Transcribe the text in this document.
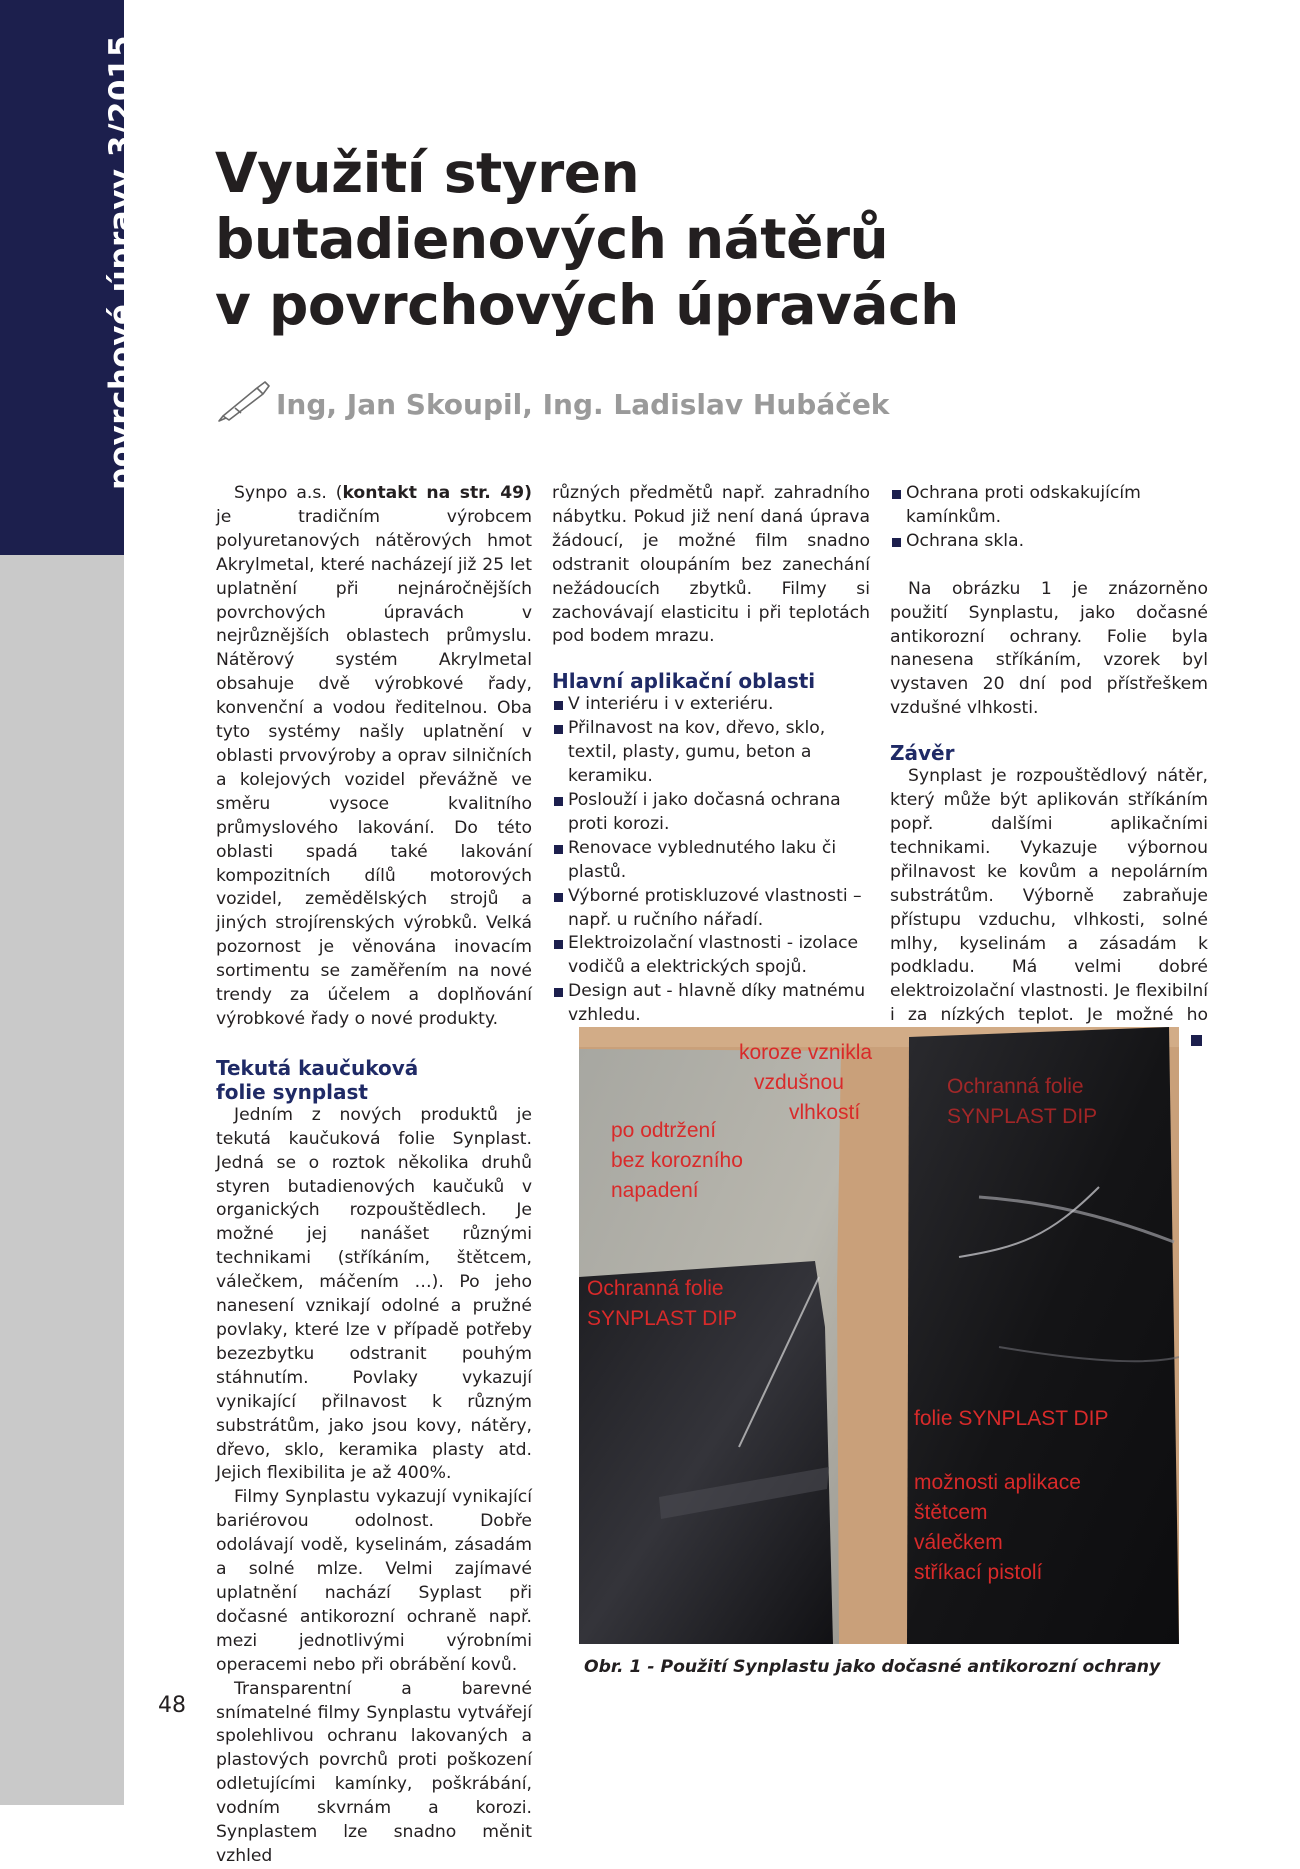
povrchové úpravy 3/2015 Využití styren
butadienových nátěrů
v povrchových úpravách
Ing, Jan Skoupil, Ing. Ladislav Hubáček

Synpo a.s. (kontakt na str. 49) je tradičním výrobcem polyuretanových nátěrových hmot Akrylmetal, které nacházejí již 25 let uplatnění při nejnáročnějších povrchových úpravách v nejrůznějších oblastech průmyslu. Nátěrový systém Akrylmetal obsahuje dvě výrobkové řady, konvenční a vodou ředitelnou. Oba tyto systémy našly uplatnění v oblasti prvovýroby a oprav silničních a kolejových vozidel převážně ve směru vysoce kvalitního průmyslového lakování. Do této oblasti spadá také lakování kompozitních dílů motorových vozidel, zemědělských strojů a jiných strojírenských výrobků. Velká pozornost je věnována inovacím sortimentu se zaměřením na nové trendy za účelem a doplňování výrobkové řady o nové produkty.

Tekutá kaučuková
folie synplast

Jedním z nových produktů je tekutá kaučuková folie Synplast. Jedná se o roztok několika druhů styren butadienových kaučuků v organických rozpouštědlech. Je možné jej nanášet různými technikami (stříkáním, štětcem, válečkem, máčením …). Po jeho nanesení vznikají odolné a pružné povlaky, které lze v případě potřeby bezezbytku odstranit pouhým stáhnutím. Povlaky vykazují vynikající přilnavost k různým substrátům, jako jsou kovy, nátěry, dřevo, sklo, keramika plasty atd. Jejich flexibilita je až 400%.

Filmy Synplastu vykazují vynikající bariérovou odolnost. Dobře odolávají vodě, kyselinám, zásadám a solné mlze. Velmi zajímavé uplatnění nachází Syplast při dočasné antikorozní ochraně např. mezi jednotlivými výrobními operacemi nebo při obrábění kovů.

Transparentní a barevné snímatelné filmy Synplastu vytvářejí spolehlivou ochranu lakovaných a plastových povrchů proti poškození odletujícími kamínky, poškrábání, vodním skvrnám a korozi. Synplastem lze snadno měnit vzhled

různých předmětů např. zahradního nábytku. Pokud již není daná úprava žádoucí, je možné film snadno odstranit oloupáním bez zanechání nežádoucích zbytků. Filmy si zachovávají elasticitu i při teplotách pod bodem mrazu.

Hlavní aplikační oblasti
V interiéru i v exteriéru.
Přilnavost na kov, dřevo, sklo, textil, plasty, gumu, beton a keramiku.
Poslouží i jako dočasná ochrana proti korozi.
Renovace vyblednutého laku či plastů.
Výborné protiskluzové vlastnosti – např. u ručního nářadí.
Elektroizolační vlastnosti - izolace vodičů a elektrických spojů.
Design aut - hlavně díky matnému vzhledu.
Ochrana proti odskakujícím kamínkům.
Ochrana skla.

Na obrázku 1 je znázorněno použití Synplastu, jako dočasné antikorozní ochrany. Folie byla nanesena stříkáním, vzorek byl vystaven 20 dní pod přístřeškem vzdušné vlhkosti.

Závěr

Synplast je rozpouštědlový nátěr, který může být aplikován stříkáním popř. dalšími aplikačními technikami. Vykazuje výbornou přilnavost ke kovům a nepolárním substrátům. Výborně zabraňuje přístupu vzduchu, vlhkosti, solné mlhy, kyselinám a zásadám k podkladu. Má velmi dobré elektroizolační vlastnosti. Je flexibilní i za nízkých teplot. Je možné ho

koroze vznikla
vzdušnou
vlhkostí
po odtržení
bez korozního
napadení
Ochranná folie
SYNPLAST DIP
Ochranná folie
SYNPLAST DIP
folie SYNPLAST DIP
možnosti aplikace
štětcem
válečkem
stříkací pistolí
Obr. 1 - Použití Synplastu jako dočasné antikorozní ochrany
48
